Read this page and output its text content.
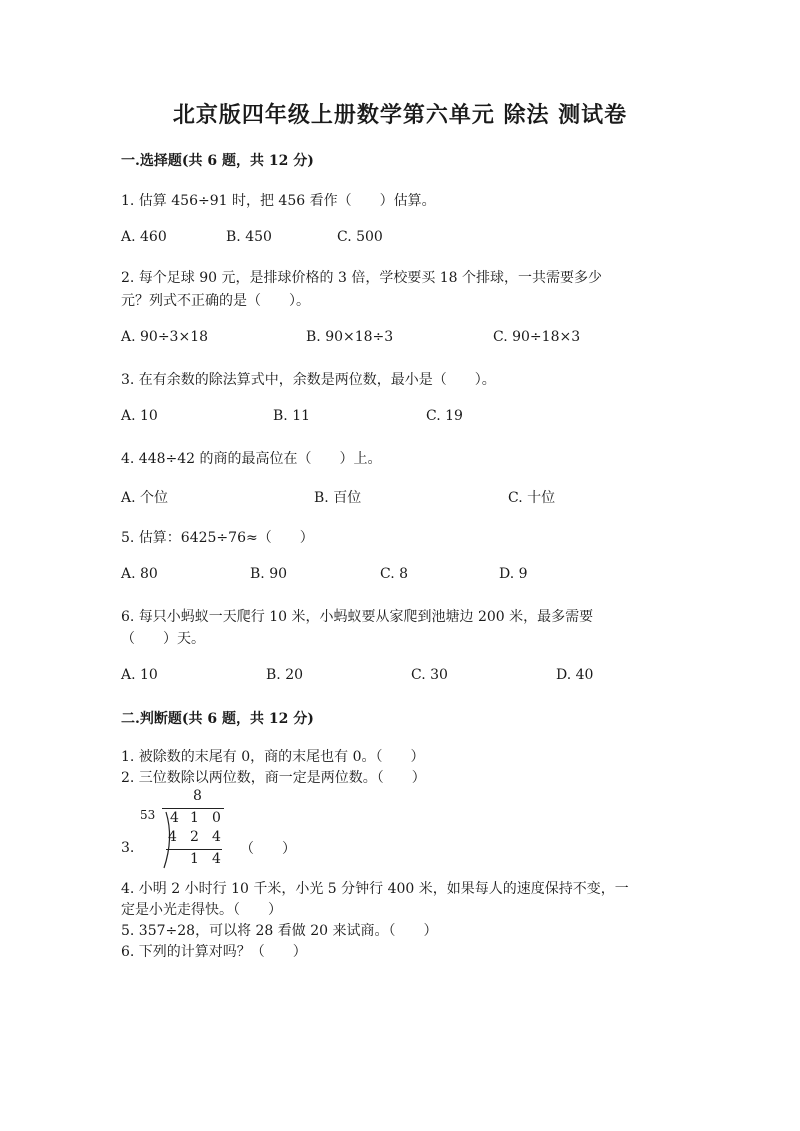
北京版四年级上册数学第六单元 除法 测试卷
一.选择题(共 6 题，共 12 分)
1. 估算 456÷91 时，把 456 看作（　　）估算。
A. 460	B. 450	C. 500
2. 每个足球 90 元，是排球价格的 3 倍，学校要买 18 个排球，一共需要多少
元？列式不正确的是（　　）。
A. 90÷3×18	B. 90×18÷3	C. 90÷18×3
3. 在有余数的除法算式中，余数是两位数，最小是（　　）。
A. 10	B. 11	C. 19
4. 448÷42 的商的最高位在（　　）上。
A. 个位	B. 百位	C. 十位
5. 估算：6425÷76≈（　　）
A. 80	B. 90	C. 8	D. 9
6. 每只小蚂蚁一天爬行 10 米，小蚂蚁要从家爬到池塘边 200 米，最多需要
（　　）天。
A. 10	B. 20	C. 30	D. 40
二.判断题(共 6 题，共 12 分)
1. 被除数的末尾有 0，商的末尾也有 0。（　　）
2. 三位数除以两位数，商一定是两位数。（　　）
3.
8
53 4 1 0
4 2 4
1 4
（　　）
4. 小明 2 小时行 10 千米，小光 5 分钟行 400 米，如果每人的速度保持不变，一
定是小光走得快。（　　）
5. 357÷28，可以将 28 看做 20 来试商。（　　）
6. 下列的计算对吗？（　　）
